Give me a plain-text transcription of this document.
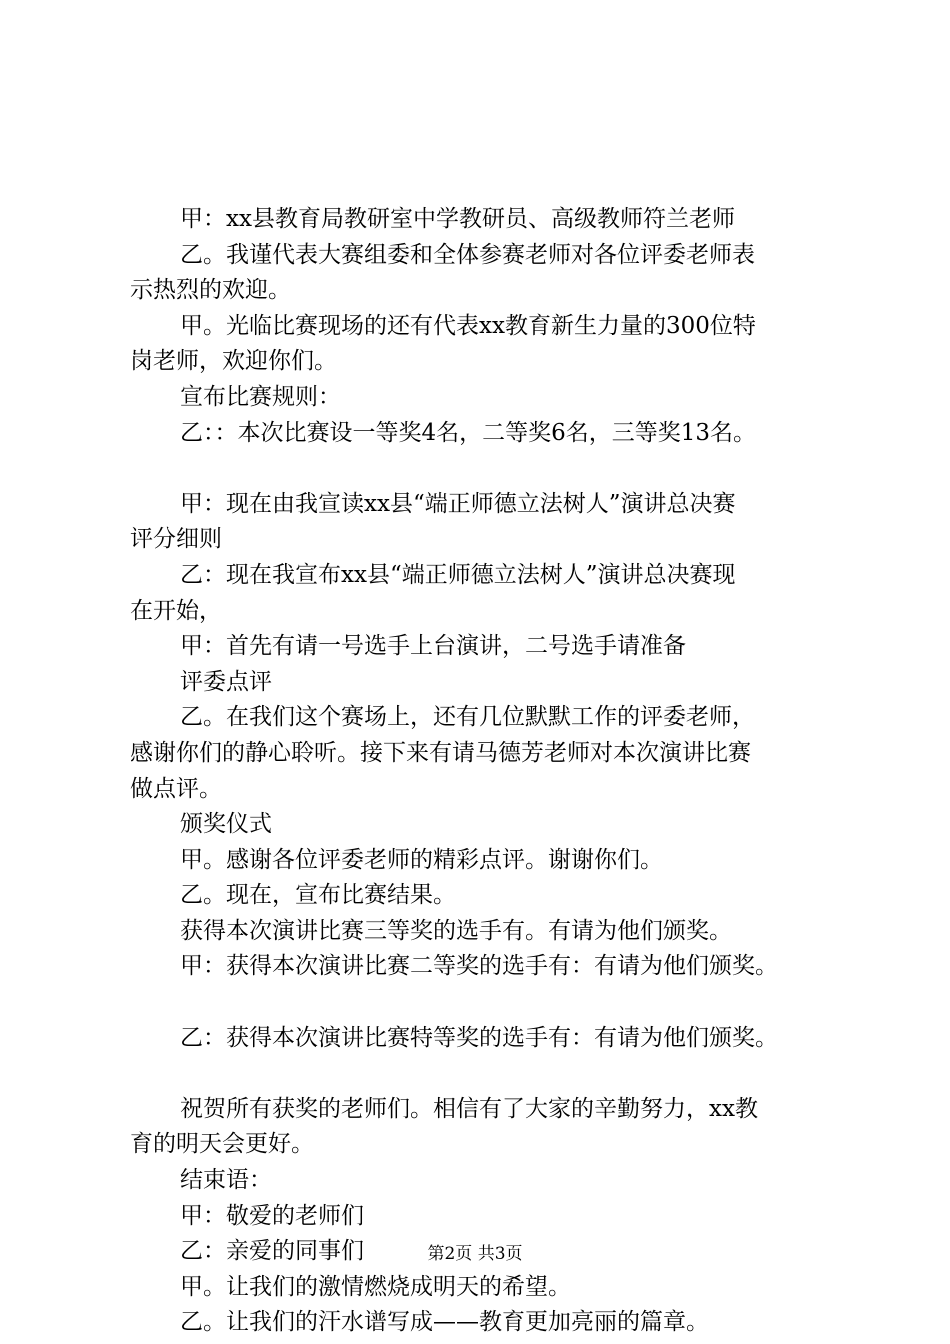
甲：xx县教育局教研室中学教研员、高级教师符兰老师
乙。我谨代表大赛组委和全体参赛老师对各位评委老师表
示热烈的欢迎。
甲。光临比赛现场的还有代表xx教育新生力量的300位特
岗老师，欢迎你们。
宣布比赛规则：
乙：：本次比赛设一等奖4名，二等奖6名，三等奖13名。
甲：现在由我宣读xx县“端正师德立法树人”演讲总决赛
评分细则
乙：现在我宣布xx县“端正师德立法树人”演讲总决赛现
在开始，
甲：首先有请一号选手上台演讲，二号选手请准备
评委点评
乙。在我们这个赛场上，还有几位默默工作的评委老师，
感谢你们的静心聆听。接下来有请马德芳老师对本次演讲比赛
做点评。
颁奖仪式
甲。感谢各位评委老师的精彩点评。谢谢你们。
乙。现在，宣布比赛结果。
获得本次演讲比赛三等奖的选手有。有请为他们颁奖。
甲：获得本次演讲比赛二等奖的选手有：有请为他们颁奖。
乙：获得本次演讲比赛特等奖的选手有：有请为他们颁奖。
祝贺所有获奖的老师们。相信有了大家的辛勤努力，xx教
育的明天会更好。
结束语：
甲：敬爱的老师们
乙：亲爱的同事们
甲。让我们的激情燃烧成明天的希望。
乙。让我们的汗水谱写成——教育更加亮丽的篇章。
第2页 共3页
